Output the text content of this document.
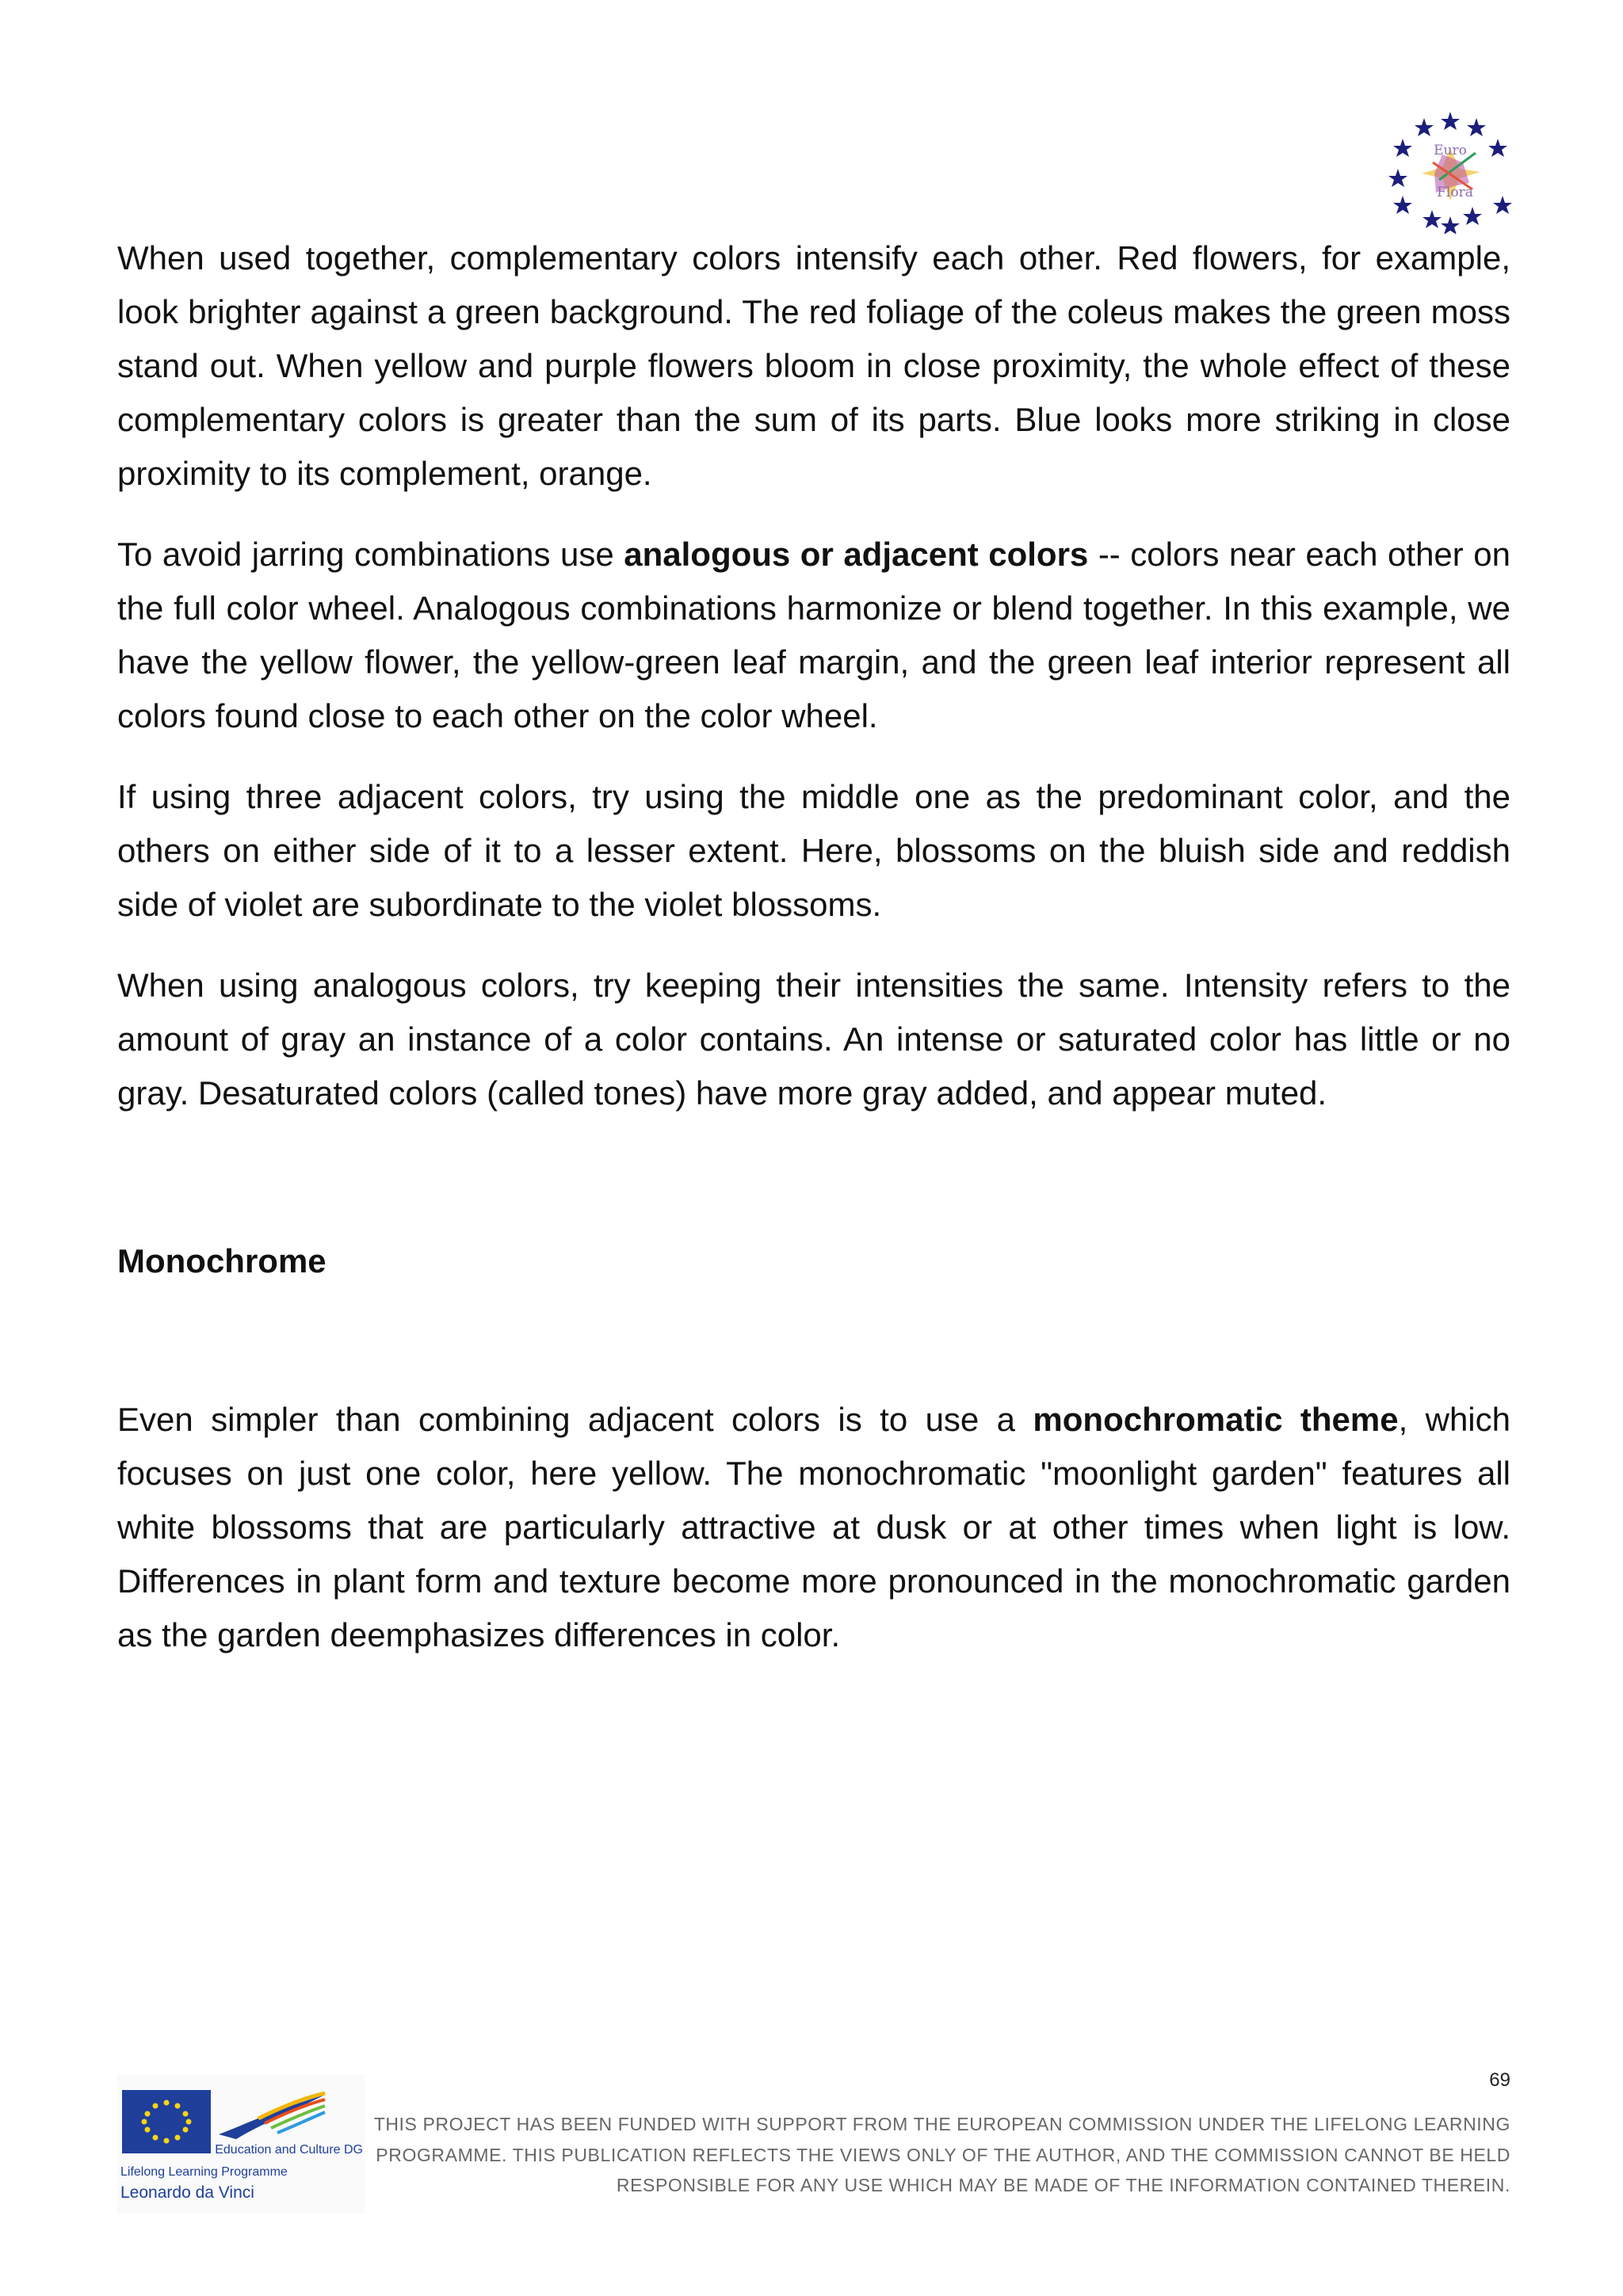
Euro
Flora

When used together, complementary colors intensify each other. Red flowers, for example, look brighter against a green background. The red foliage of the coleus makes the green moss stand out. When yellow and purple flowers bloom in close proximity, the whole effect of these complementary colors is greater than the sum of its parts. Blue looks more striking in close proximity to its complement, orange.

To avoid jarring combinations use analogous or adjacent colors -- colors near each other on the full color wheel. Analogous combinations harmonize or blend together. In this example, we have the yellow flower, the yellow-green leaf margin, and the green leaf interior represent all colors found close to each other on the color wheel.

If using three adjacent colors, try using the middle one as the predominant color, and the others on either side of it to a lesser extent. Here, blossoms on the bluish side and reddish side of violet are subordinate to the violet blossoms.

When using analogous colors, try keeping their intensities the same. Intensity refers to the amount of gray an instance of a color contains. An intense or saturated color has little or no gray. Desaturated colors (called tones) have more gray added, and appear muted.

Monochrome

Even simpler than combining adjacent colors is to use a monochromatic theme, which focuses on just one color, here yellow. The monochromatic "moonlight garden" features all white blossoms that are particularly attractive at dusk or at other times when light is low. Differences in plant form and texture become more pronounced in the monochromatic garden as the garden deemphasizes differences in color.

69
Education and Culture DG
Lifelong Learning Programme
Leonardo da Vinci
THIS PROJECT HAS BEEN FUNDED WITH SUPPORT FROM THE EUROPEAN COMMISSION UNDER THE LIFELONG LEARNING
PROGRAMME. THIS PUBLICATION REFLECTS THE VIEWS ONLY OF THE AUTHOR, AND THE COMMISSION CANNOT BE HELD
RESPONSIBLE FOR ANY USE WHICH MAY BE MADE OF THE INFORMATION CONTAINED THEREIN.
